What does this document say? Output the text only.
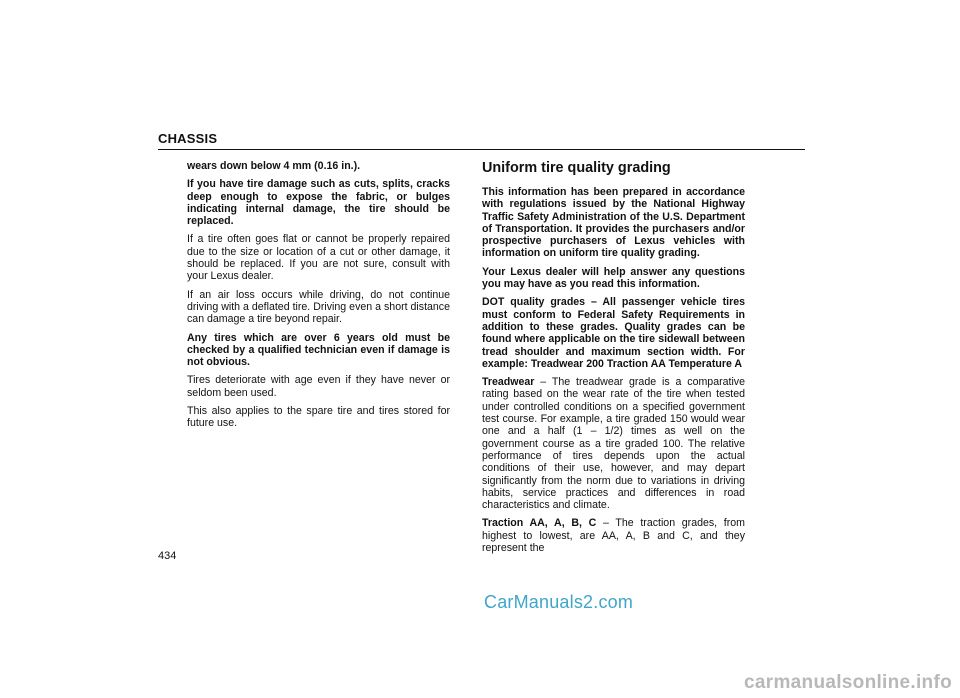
CHASSIS

wears down below 4 mm (0.16 in.).

If you have tire damage such as cuts, splits, cracks deep enough to expose the fabric, or bulges indicating internal damage, the tire should be replaced.

If a tire often goes flat or cannot be properly repaired due to the size or location of a cut or other damage, it should be replaced. If you are not sure, consult with your Lexus dealer.

If an air loss occurs while driving, do not continue driving with a deflated tire. Driving even a short distance can damage a tire beyond repair.

Any tires which are over 6 years old must be checked by a qualified technician even if damage is not obvious.

Tires deteriorate with age even if they have never or seldom been used.

This also applies to the spare tire and tires stored for future use.

Uniform tire quality grading

This information has been prepared in accordance with regulations issued by the National Highway Traffic Safety Administration of the U.S. Department of Transportation. It provides the purchasers and/or prospective purchasers of Lexus vehicles with information on uniform tire quality grading.

Your Lexus dealer will help answer any questions you may have as you read this information.

DOT quality grades – All passenger vehicle tires must conform to Federal Safety Requirements in addition to these grades. Quality grades can be found where applicable on the tire sidewall between tread shoulder and maximum section width. For example: Treadwear 200 Traction AA Temperature A

Treadwear – The treadwear grade is a comparative rating based on the wear rate of the tire when tested under controlled conditions on a specified government test course. For example, a tire graded 150 would wear one and a half (1 – 1/2) times as well on the government course as a tire graded 100. The relative performance of tires depends upon the actual conditions of their use, however, and may depart significantly from the norm due to variations in driving habits, service practices and differences in road characteristics and climate.

Traction AA, A, B, C – The traction grades, from highest to lowest, are AA, A, B and C, and they represent the

434
CarManuals2.com
carmanualsonline.info
